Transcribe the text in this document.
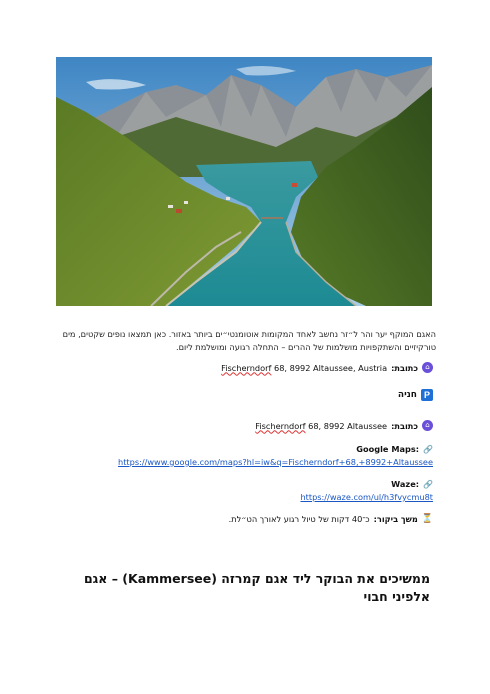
האגם המוקף יער והר ל״זר נחשב לאחד המקומות אוטומנטי״ים ביותר באזור. כאן תמצאו נופים שקטים, מים טורקיזיים והשתקפויות מושלמות של ההרים – התחלה רגועה ומושלמת ליום.

⌂
כתובת:
Fischerndorf 68, 8992 Altaussee, Austria
P
חניה
⌂
כתובת:
Fischerndorf 68, 8992 Altaussee
🔗
Google Maps:
https://www.google.com/maps?hl=iw&q=Fischerndorf+68,+8992+Altaussee
🔗
Waze:
https://waze.com/ul/h3fvycmu8t
⏳
משך ביקור:
כ־40 דקות של טיול רגוע לאורך הט״לת.
ממשיכים את הבוקר ליד אגם קמרזה (Kammersee) – אגם אלפיני חבוי
